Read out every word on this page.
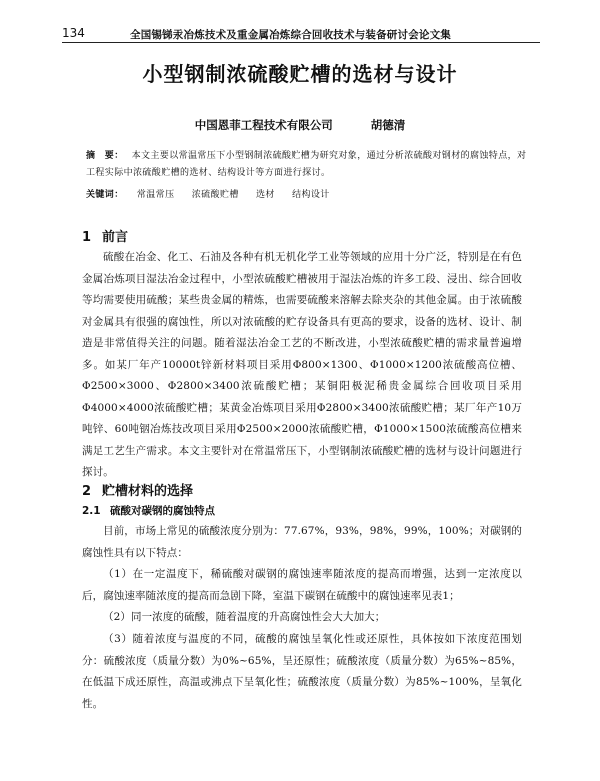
134	全国锡锑汞冶炼技术及重金属冶炼综合回收技术与装备研讨会论文集
小型钢制浓硫酸贮槽的选材与设计
中国恩菲工程技术有限公司	胡德清
摘　要： 本文主要以常温常压下小型钢制浓硫酸贮槽为研究对象，通过分析浓硫酸对钢材的腐蚀特点，对工程实际中浓硫酸贮槽的选材、结构设计等方面进行探讨。
关键词： 常温常压 浓硫酸贮槽 选材 结构设计
1 前言
硫酸在冶金、化工、石油及各种有机无机化学工业等领域的应用十分广泛，特别是在有色金属冶炼项目湿法冶金过程中，小型浓硫酸贮槽被用于湿法冶炼的许多工段、浸出、综合回收等均需要使用硫酸；某些贵金属的精炼，也需要硫酸来溶解去除夹杂的其他金属。由于浓硫酸对金属具有很强的腐蚀性，所以对浓硫酸的贮存设备具有更高的要求，设备的选材、设计、制造是非常值得关注的问题。随着湿法冶金工艺的不断改进，小型浓硫酸贮槽的需求量普遍增多。如某厂年产10000t锌新材料项目采用Φ800×1300、Φ1000×1200浓硫酸高位槽、Φ2500×3000、Φ2800×3400浓硫酸贮槽；某铜阳极泥稀贵金属综合回收项目采用Φ4000×4000浓硫酸贮槽；某黄金冶炼项目采用Φ2800×3400浓硫酸贮槽；某厂年产10万吨锌、60吨铟冶炼技改项目采用Φ2500×2000浓硫酸贮槽，Φ1000×1500浓硫酸高位槽来满足工艺生产需求。本文主要针对在常温常压下，小型钢制浓硫酸贮槽的选材与设计问题进行探讨。
2 贮槽材料的选择
2.1 硫酸对碳钢的腐蚀特点
目前，市场上常见的硫酸浓度分别为：77.67%，93%，98%，99%，100%；对碳钢的腐蚀性具有以下特点：
（1）在一定温度下，稀硫酸对碳钢的腐蚀速率随浓度的提高而增强，达到一定浓度以后，腐蚀速率随浓度的提高而急剧下降，室温下碳钢在硫酸中的腐蚀速率见表1；
（2）同一浓度的硫酸，随着温度的升高腐蚀性会大大加大；
（3）随着浓度与温度的不同，硫酸的腐蚀呈氧化性或还原性，具体按如下浓度范围划分：硫酸浓度（质量分数）为0%~65%，呈还原性；硫酸浓度（质量分数）为65%~85%，在低温下成还原性，高温或沸点下呈氧化性；硫酸浓度（质量分数）为85%~100%，呈氧化性。
